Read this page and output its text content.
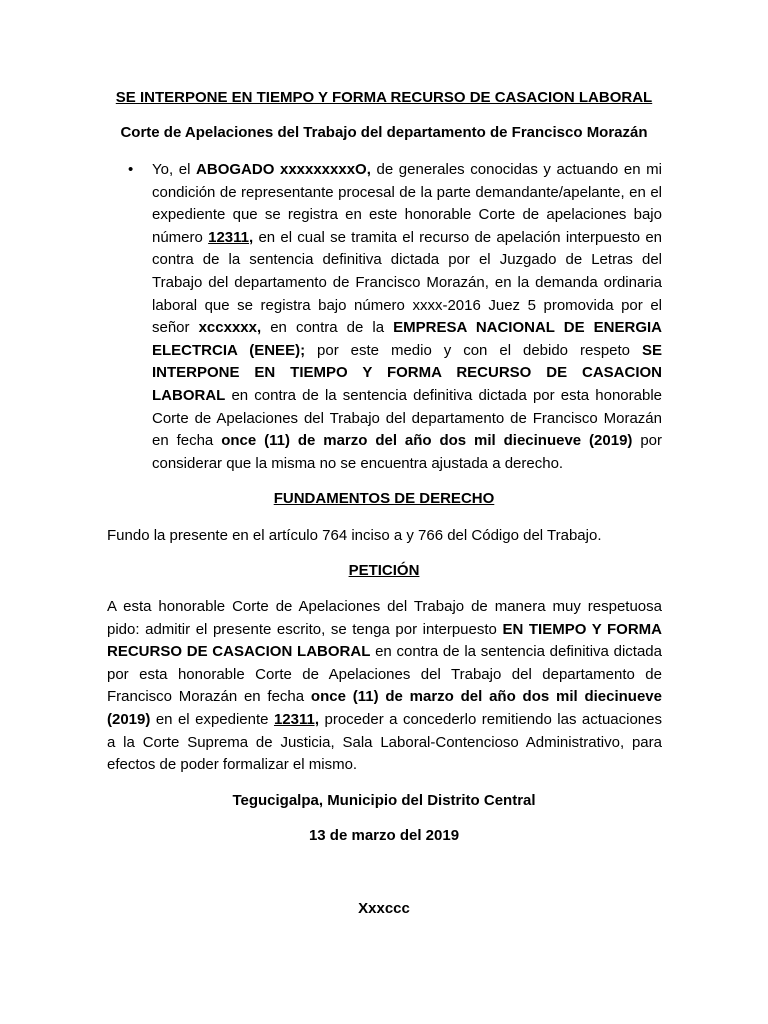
SE INTERPONE EN TIEMPO Y FORMA RECURSO DE CASACION LABORAL
Corte de Apelaciones del Trabajo del departamento de Francisco Morazán
• Yo, el ABOGADO xxxxxxxxxO, de generales conocidas y actuando en mi
condición de representante procesal de la parte demandante/apelante, en el
expediente que se registra en este honorable Corte de apelaciones bajo
número 12311, en el cual se tramita el recurso de apelación interpuesto en
contra de la sentencia definitiva dictada por el Juzgado de Letras del
Trabajo del departamento de Francisco Morazán, en la demanda ordinaria
laboral que se registra bajo número xxxx-2016 Juez 5 promovida por el
señor xccxxxx, en contra de la EMPRESA NACIONAL DE ENERGIA
ELECTRCIA (ENEE); por este medio y con el debido respeto SE
INTERPONE EN TIEMPO Y FORMA RECURSO DE CASACION
LABORAL en contra de la sentencia definitiva dictada por esta honorable
Corte de Apelaciones del Trabajo del departamento de Francisco Morazán
en fecha once (11) de marzo del año dos mil diecinueve (2019) por
considerar que la misma no se encuentra ajustada a derecho.
FUNDAMENTOS DE DERECHO
Fundo la presente en el artículo 764 inciso a y 766 del Código del Trabajo.
PETICIÓN
A esta honorable Corte de Apelaciones del Trabajo de manera muy respetuosa
pido: admitir el presente escrito, se tenga por interpuesto EN TIEMPO Y FORMA
RECURSO DE CASACION LABORAL en contra de la sentencia definitiva dictada
por esta honorable Corte de Apelaciones del Trabajo del departamento de
Francisco Morazán en fecha once (11) de marzo del año dos mil diecinueve
(2019) en el expediente 12311, proceder a concederlo remitiendo las actuaciones
a la Corte Suprema de Justicia, Sala Laboral-Contencioso Administrativo, para
efectos de poder formalizar el mismo.
Tegucigalpa, Municipio del Distrito Central
13 de marzo del 2019
Xxxccc
